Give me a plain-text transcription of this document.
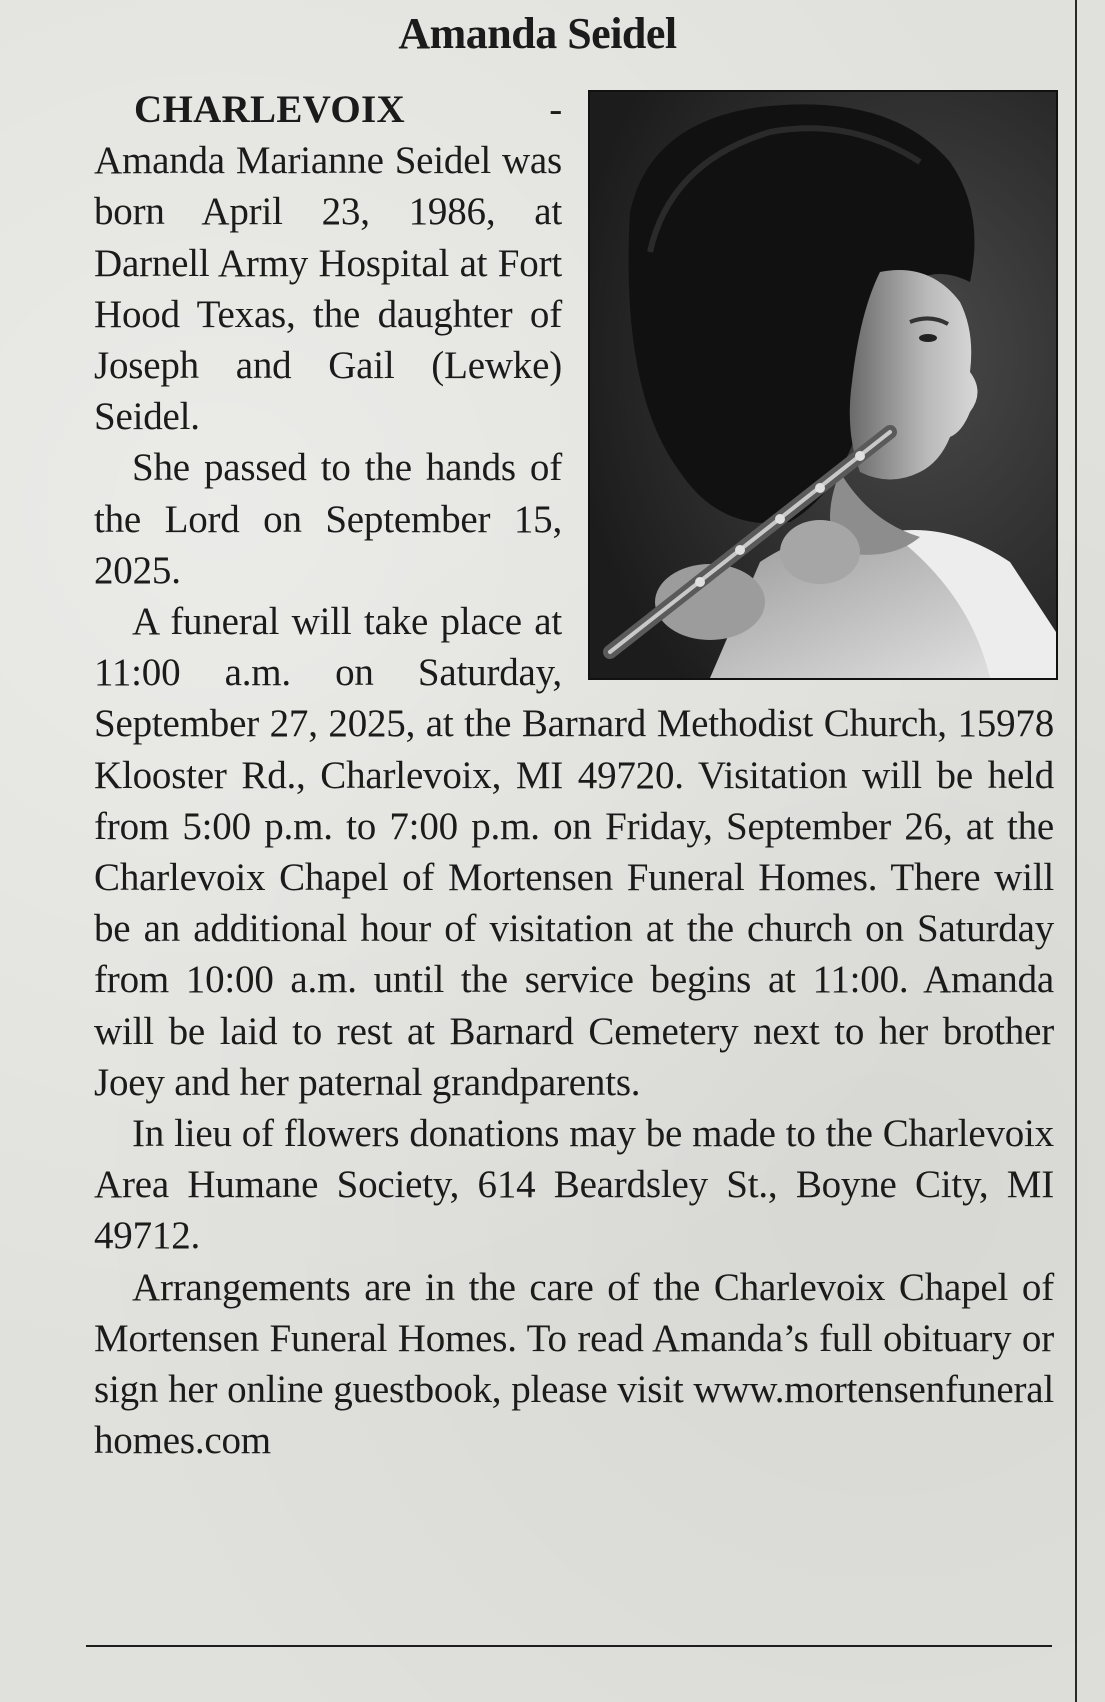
Amanda Seidel

CHARLEVOIX - Amanda Marianne Seidel was born April 23, 1986, at Darnell Army Hospital at Fort Hood Texas, the daughter of Joseph and Gail (Lewke) Seidel.

She passed to the hands of the Lord on September 15, 2025.

A funeral will take place at 11:00 a.m. on Saturday, September 27, 2025, at the Barnard Methodist Church, 15978 Klooster Rd., Charlevoix, MI 49720. Visitation will be held from 5:00 p.m. to 7:00 p.m. on Friday, September 26, at the Charlevoix Chapel of Mortensen Funeral Homes. There will be an additional hour of visitation at the church on Saturday from 10:00 a.m. until the service begins at 11:00. Amanda will be laid to rest at Barnard Cemetery next to her brother Joey and her paternal grandparents.

In lieu of flowers donations may be made to the Charlevoix Area Humane Society, 614 Beardsley St., Boyne City, MI 49712.

Arrangements are in the care of the Charlevoix Chapel of Mortensen Funeral Homes. To read Amanda’s full obituary or sign her online guestbook, please visit www.mortensenfuneralhomes.com
